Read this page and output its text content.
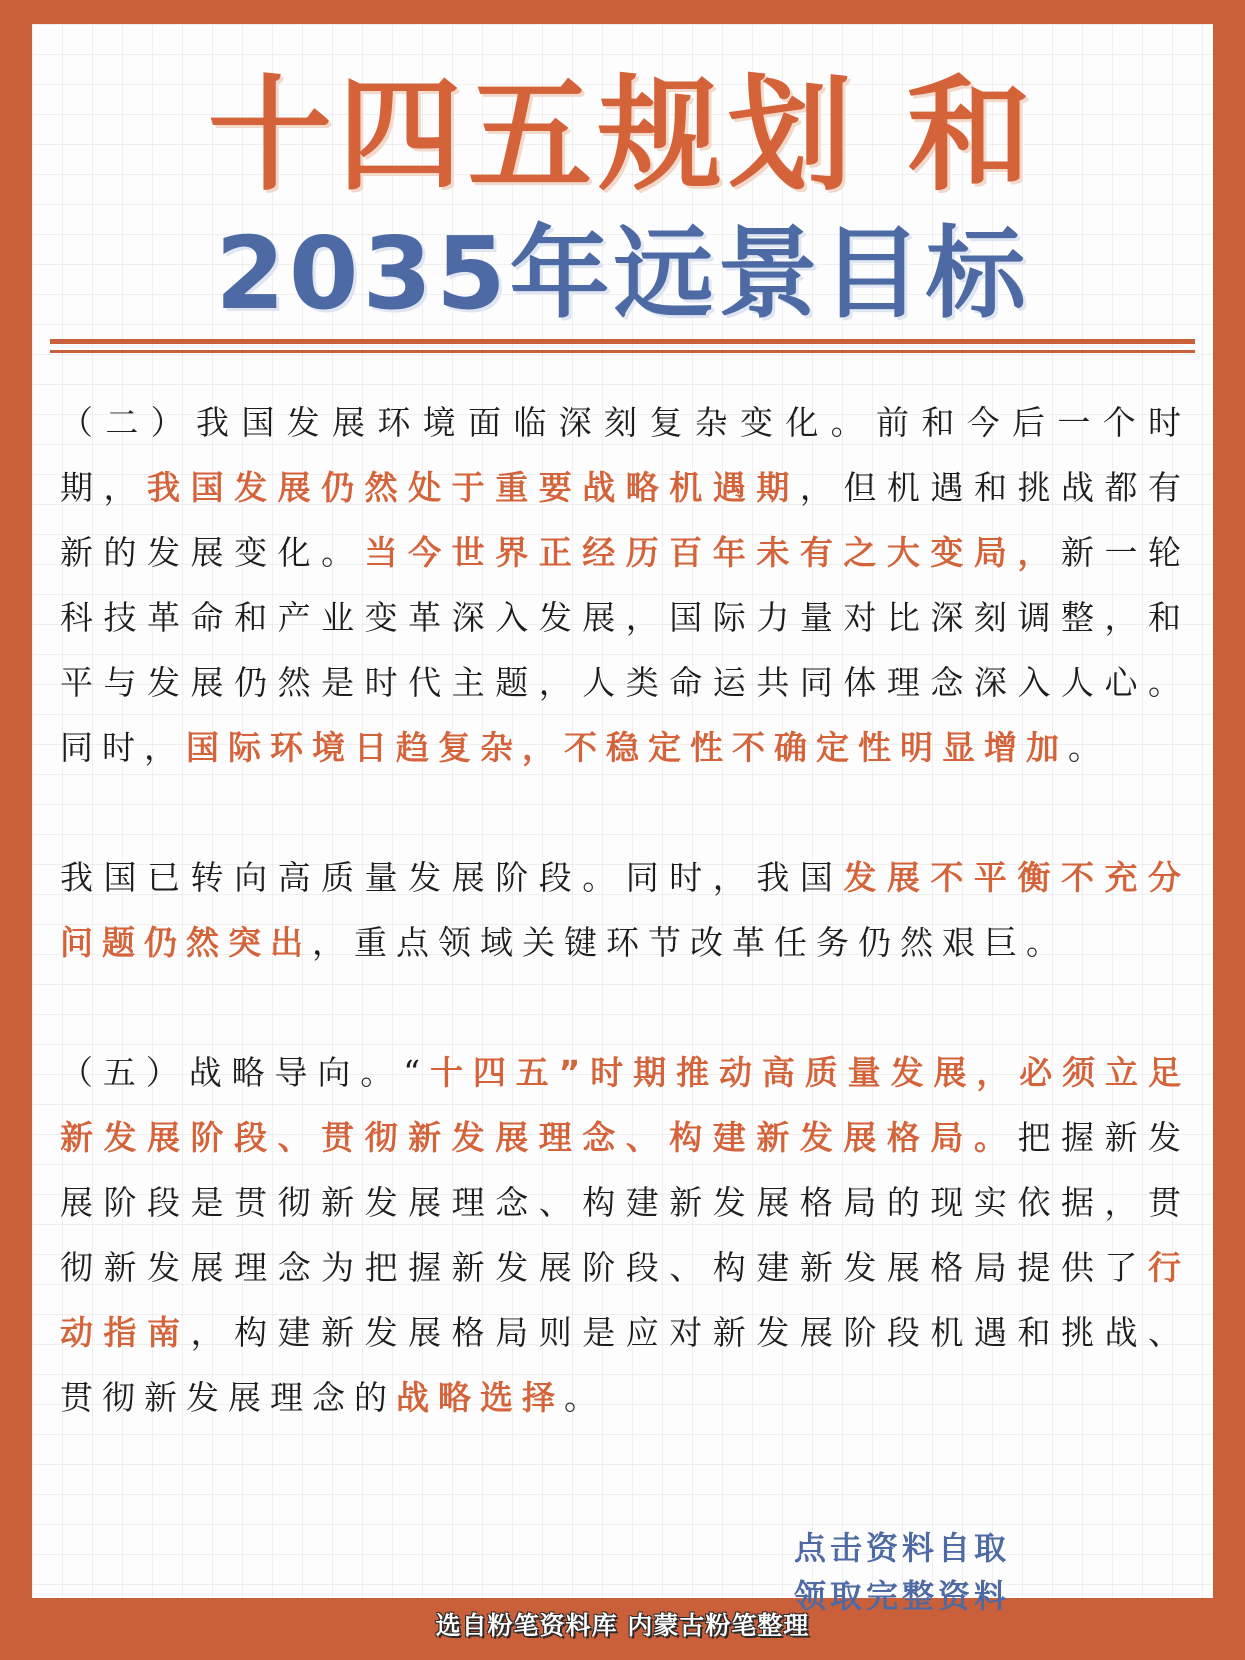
十四五规划 和
2035年远景目标

（二）我国发展环境面临深刻复杂变化。前和今后一个时期，我国发展仍然处于重要战略机遇期，但机遇和挑战都有新的发展变化。当今世界正经历百年未有之大变局，新一轮科技革命和产业变革深入发展，国际力量对比深刻调整，和平与发展仍然是时代主题，人类命运共同体理念深入人心。同时，国际环境日趋复杂，不稳定性不确定性明显增加。

我国已转向高质量发展阶段。同时，我国发展不平衡不充分问题仍然突出，重点领域关键环节改革任务仍然艰巨。

（五）战略导向。“十四五”时期推动高质量发展，必须立足新发展阶段、贯彻新发展理念、构建新发展格局。把握新发展阶段是贯彻新发展理念、构建新发展格局的现实依据，贯彻新发展理念为把握新发展阶段、构建新发展格局提供了行动指南，构建新发展格局则是应对新发展阶段机遇和挑战、贯彻新发展理念的战略选择。

点击资料自取
领取完整资料
选自粉笔资料库 内蒙古粉笔整理
